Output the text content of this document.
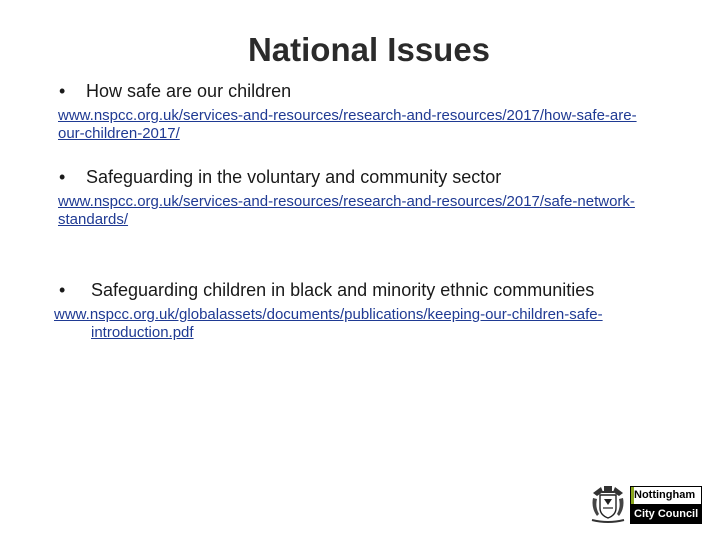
National Issues
• How safe are our children
www.nspcc.org.uk/services-and-resources/research-and-resources/2017/how-safe-are-
our-children-2017/
• Safeguarding in the voluntary and community sector
www.nspcc.org.uk/services-and-resources/research-and-resources/2017/safe-network-
standards/
• Safeguarding children in black and minority ethnic communities
www.nspcc.org.uk/globalassets/documents/publications/keeping-our-children-safe-
introduction.pdf
Nottingham
City Council
